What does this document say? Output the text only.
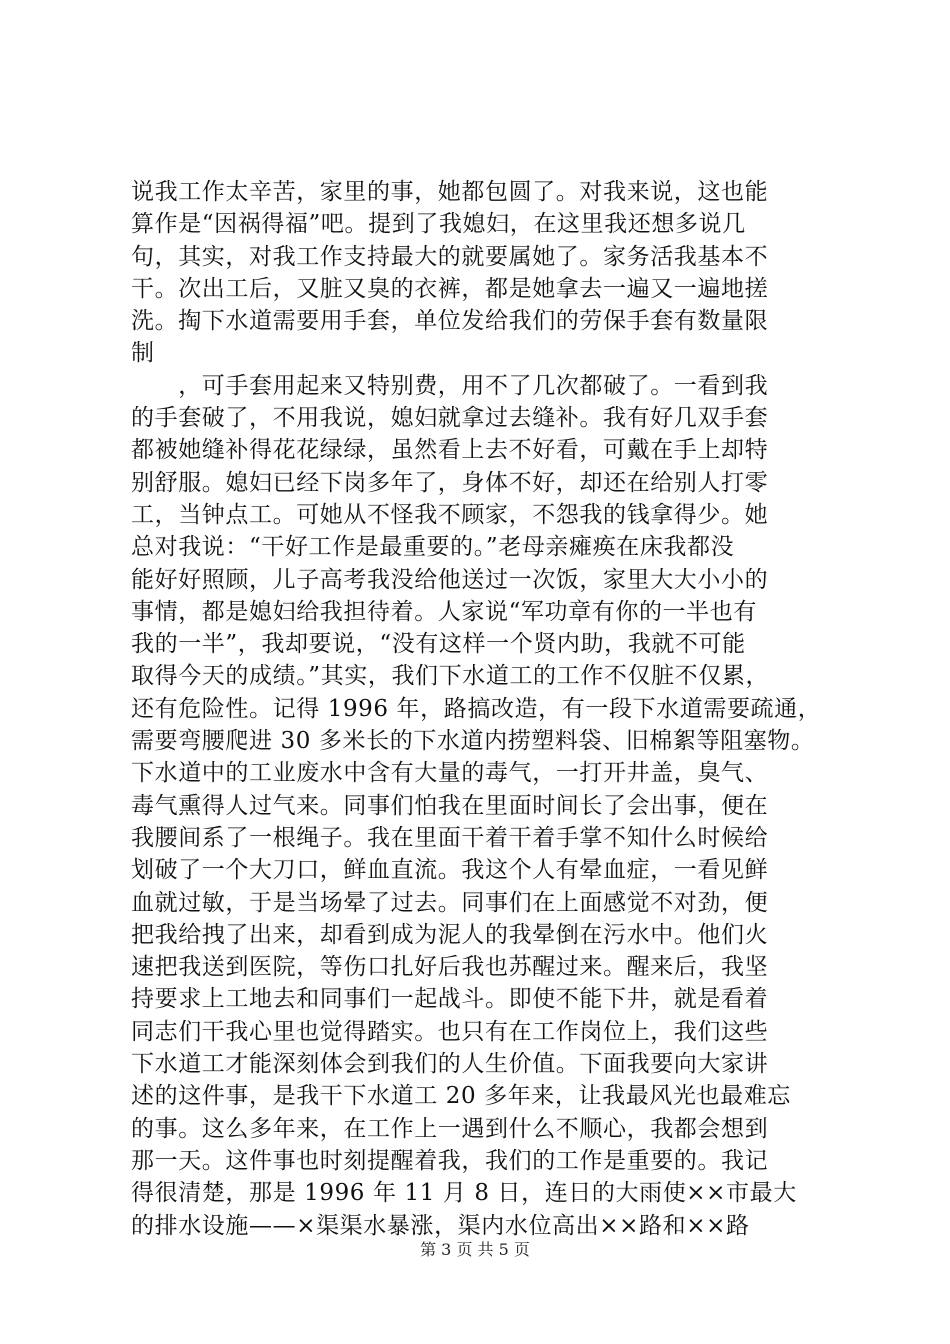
说我工作太辛苦，家里的事，她都包圆了。对我来说，这也能
算作是“因祸得福”吧。提到了我媳妇，在这里我还想多说几
句，其实，对我工作支持最大的就要属她了。家务活我基本不
干。次出工后，又脏又臭的衣裤，都是她拿去一遍又一遍地搓
洗。掏下水道需要用手套，单位发给我们的劳保手套有数量限
制
　　，可手套用起来又特别费，用不了几次都破了。一看到我
的手套破了，不用我说，媳妇就拿过去缝补。我有好几双手套
都被她缝补得花花绿绿，虽然看上去不好看，可戴在手上却特
别舒服。媳妇已经下岗多年了，身体不好，却还在给别人打零
工，当钟点工。可她从不怪我不顾家，不怨我的钱拿得少。她
总对我说：“干好工作是最重要的。”老母亲瘫痪在床我都没
能好好照顾，儿子高考我没给他送过一次饭，家里大大小小的
事情，都是媳妇给我担待着。人家说“军功章有你的一半也有
我的一半”，我却要说，“没有这样一个贤内助，我就不可能
取得今天的成绩。”其实，我们下水道工的工作不仅脏不仅累，
还有危险性。记得 1996 年，路搞改造，有一段下水道需要疏通，
需要弯腰爬进 30 多米长的下水道内捞塑料袋、旧棉絮等阻塞物。
下水道中的工业废水中含有大量的毒气，一打开井盖，臭气、
毒气熏得人过气来。同事们怕我在里面时间长了会出事，便在
我腰间系了一根绳子。我在里面干着干着手掌不知什么时候给
划破了一个大刀口，鲜血直流。我这个人有晕血症，一看见鲜
血就过敏，于是当场晕了过去。同事们在上面感觉不对劲，便
把我给拽了出来，却看到成为泥人的我晕倒在污水中。他们火
速把我送到医院，等伤口扎好后我也苏醒过来。醒来后，我坚
持要求上工地去和同事们一起战斗。即使不能下井，就是看着
同志们干我心里也觉得踏实。也只有在工作岗位上，我们这些
下水道工才能深刻体会到我们的人生价值。下面我要向大家讲
述的这件事，是我干下水道工 20 多年来，让我最风光也最难忘
的事。这么多年来，在工作上一遇到什么不顺心，我都会想到
那一天。这件事也时刻提醒着我，我们的工作是重要的。我记
得很清楚，那是 1996 年 11 月 8 日，连日的大雨使××市最大
的排水设施——×渠渠水暴涨，渠内水位高出××路和××路
第 3 页 共 5 页
